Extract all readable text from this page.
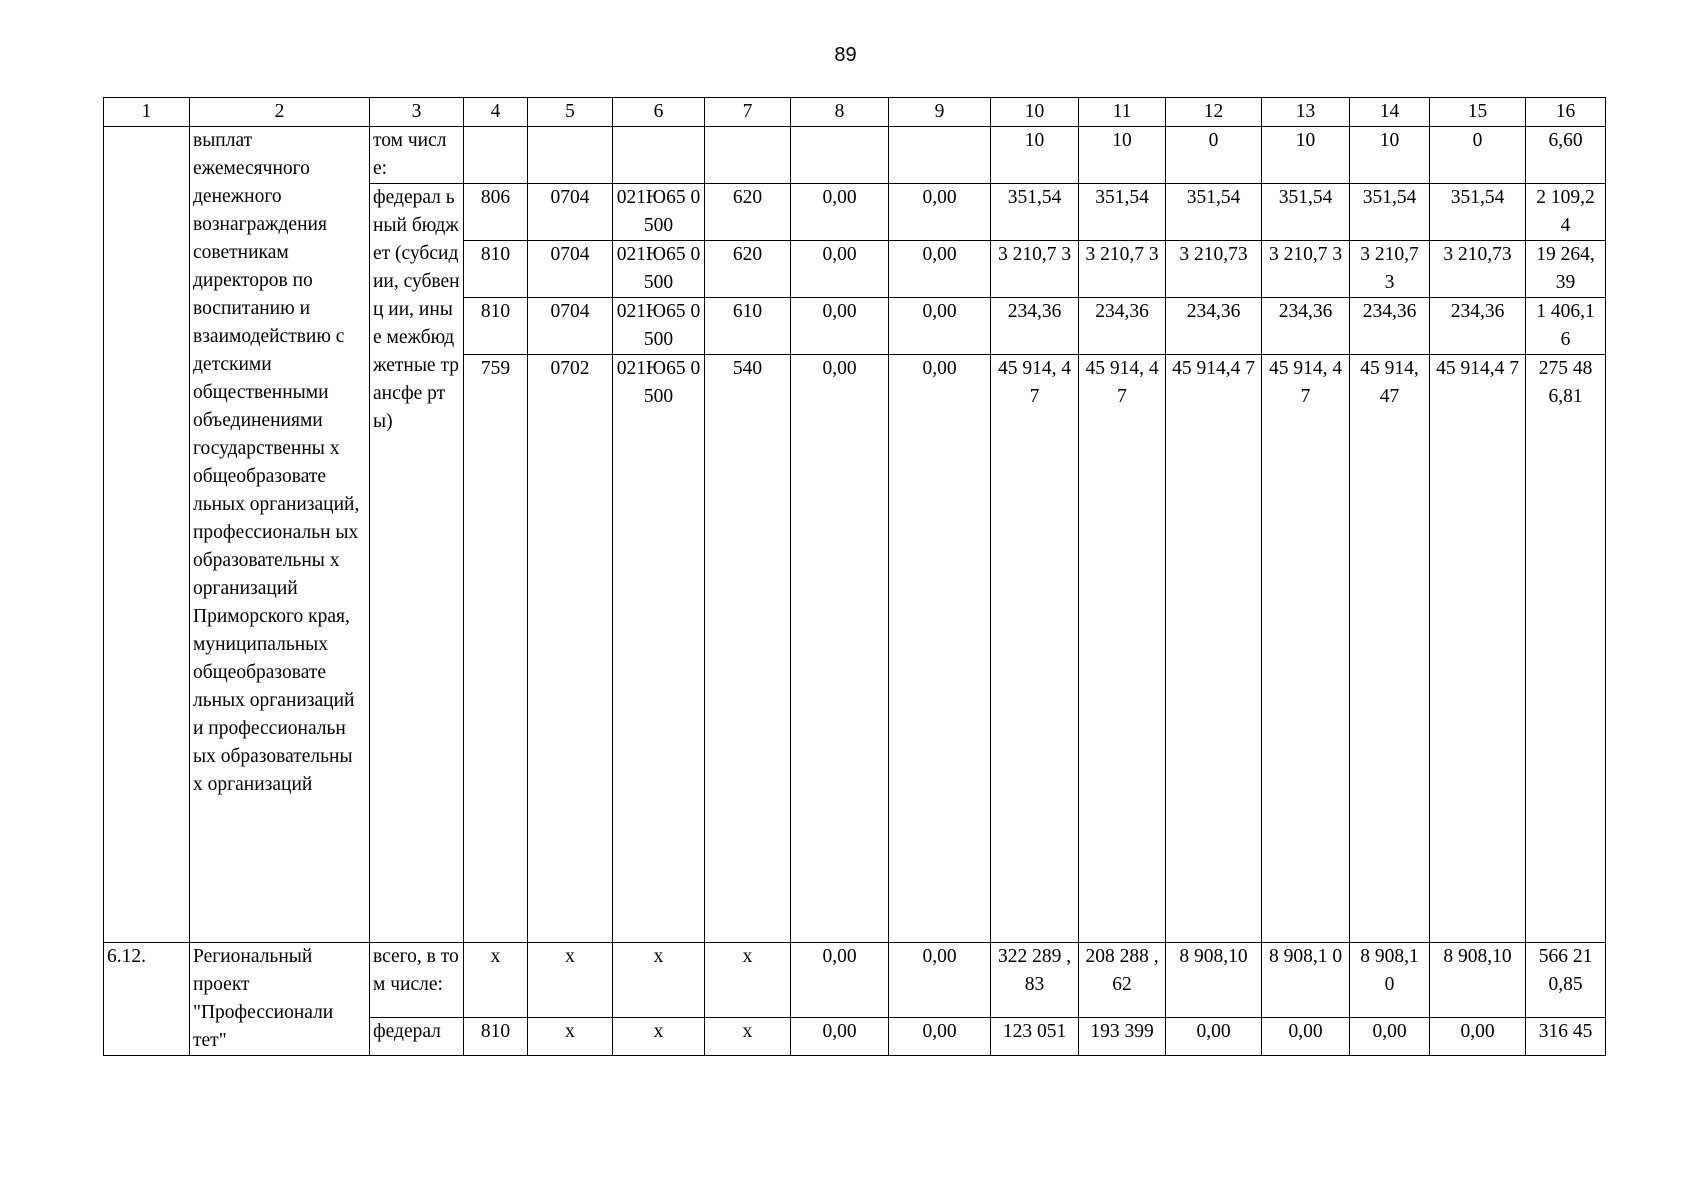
89
1	2	3	4	5	6	7	8	9	10	11	12	13	14	15	16
	выплат ежемесячного денежного вознаграждения советникам директоров по воспитанию и взаимодействию с детскими общественными объединениями государственны х общеобразовате льных организаций, профессиональн ых образовательны х организаций Приморского края, муниципальных общеобразовате льных организаций и профессиональн ых образовательны х организаций	том числе:							10	10	0	10	10	0	6,60
		федерал ьный бюджет (субсид ии, субвенц ии, иные межбюд жетные трансфе рты)	806	0704	021Ю65 0500	620	0,00	0,00	351,54	351,54	351,54	351,54	351,54	351,54	2 109,2 4
			810	0704	021Ю65 0500	620	0,00	0,00	3 210,7 3	3 210,7 3	3 210,73	3 210,7 3	3 210,7 3	3 210,73	19 264, 39
			810	0704	021Ю65 0500	610	0,00	0,00	234,36	234,36	234,36	234,36	234,36	234,36	1 406,1 6
			759	0702	021Ю65 0500	540	0,00	0,00	45 914, 47	45 914, 47	45 914,4 7	45 914, 47	45 914, 47	45 914,4 7	275 48 6,81
6.12.	Региональный проект "Профессионали тет"	всего, в том числе:	х	х	х	х	0,00	0,00	322 289 ,83	208 288 ,62	8 908,10	8 908,1 0	8 908,1 0	8 908,10	566 21 0,85
		федерал	810	х	х	х	0,00	0,00	123 051	193 399	0,00	0,00	0,00	0,00	316 45
